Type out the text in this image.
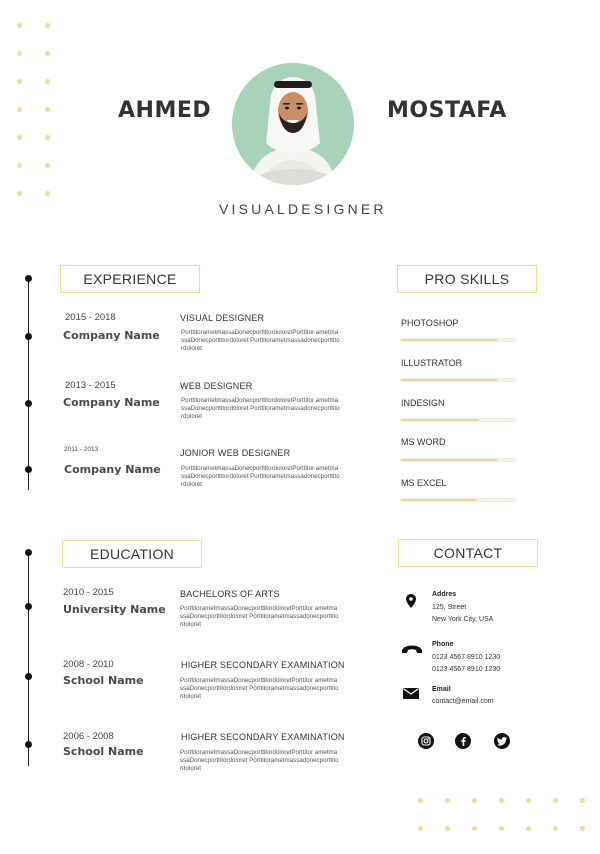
AHMED	MOSTAFA
VISUALDESIGNER
EXPERIENCE
2015 - 2018
Company Name
VISUAL DESIGNER
PorttitorametmassaDonecporttitordoloretPorttitor ametmassaDonecporttitordoloret Porttitorametmassadonecporttitordoloret
2013 - 2015
Company Name
WEB DESIGNER
PorttitorametmassaDonecporttitordoloretPorttitor ametmassaDonecporttitordoloret Porttitorametmassadonecporttitordoloret
2011 - 2013
Company Name
JONIOR WEB DESIGNER
PorttitorametmassaDonecporttitordoloretPorttitor ametmassaDonecporttitordoloret Porttitorametmassadonecporttitordoloret
PRO SKILLS
PHOTOSHOP
ILLUSTRATOR
INDESIGN
MS WORD
MS EXCEL
EDUCATION
2010 - 2015
University Name
BACHELORS OF ARTS
PorttitorametmassaDonecporttitordoloretPorttitor ametmassaDonecporttitordoloret Porttitorametmassadonecporttitordoloret
2008 - 2010
School Name
HIGHER SECONDARY EXAMINATION
PorttitorametmassaDonecporttitordoloretPorttitor ametmassaDonecporttitordoloret Porttitorametmassadonecporttitordoloret
2006 - 2008
School Name
HIGHER SECONDARY EXAMINATION
PorttitorametmassaDonecporttitordoloretPorttitor ametmassaDonecporttitordoloret Porttitorametmassadonecporttitordoloret
CONTACT
Addres
125, Street
New York City, USA
Phone
0123 4567 8910 1230
0123 4567 8910 1230
Email
contact@email.com
